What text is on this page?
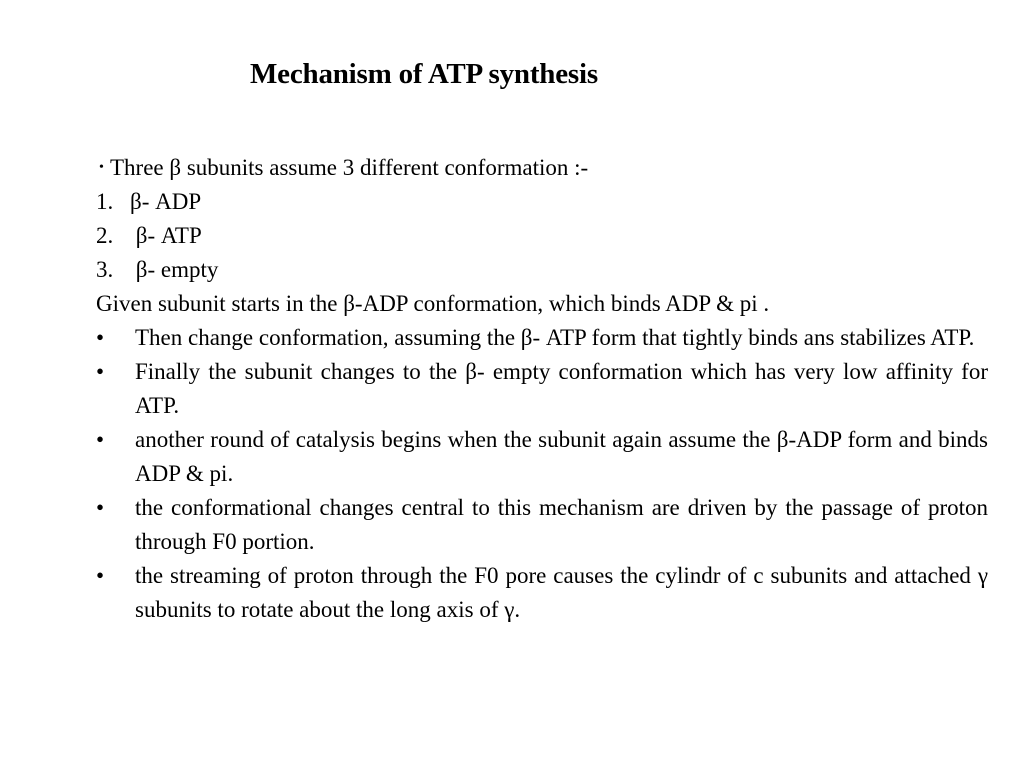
Mechanism of ATP synthesis
• Three β subunits assume 3 different conformation :-
1. β- ADP
2. β- ATP
3. β- empty
Given subunit starts in the β-ADP conformation, which binds ADP & pi .
•	Then change conformation, assuming the β- ATP form that tightly binds ans stabilizes ATP.
•	Finally the subunit changes to the β- empty conformation which has very low affinity for ATP.
•	another round of catalysis begins when the subunit again assume the β-ADP form and binds ADP & pi.
•	the conformational changes central to this mechanism are driven by the passage of proton through F0 portion.
•	the streaming of proton through the F0 pore causes the cylindr of c subunits and attached γ subunits to rotate about the long axis of γ.
